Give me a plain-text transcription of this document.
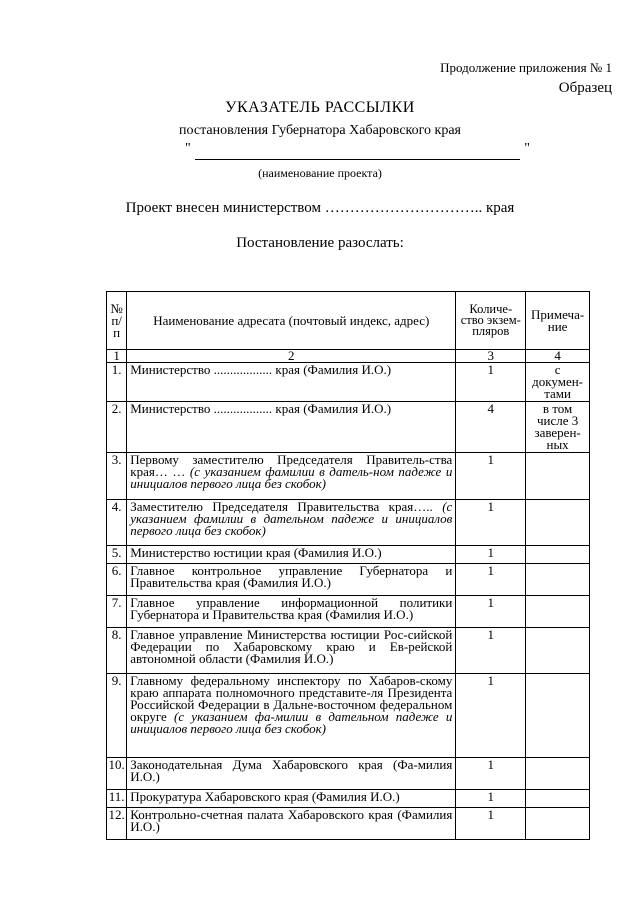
Продолжение приложения № 1
Образец
УКАЗАТЕЛЬ РАССЫЛКИ
постановления Губернатора Хабаровского края
"	"
(наименование проекта)
Проект внесен министерством ………………………….. края
Постановление разослать:
№ п/п	Наименование адресата (почтовый индекс, адрес)	Количе-ство экзем-пляров	Примеча-ние
1	2	3	4
1.	Министерство .................. края (Фамилия И.О.)	1	с докумен-тами
2.	Министерство .................. края (Фамилия И.О.)	4	в том числе 3 заверен-ных
3.	Первому заместителю Председателя Правитель-ства края… … (с указанием фамилии в датель-ном падеже и инициалов первого лица без скобок)	1	
4.	Заместителю Председателя Правительства края….. (с указанием фамилии в дательном падеже и инициалов первого лица без скобок)	1	
5.	Министерство юстиции края (Фамилия И.О.)	1	
6.	Главное контрольное управление Губернатора и Правительства края (Фамилия И.О.)	1	
7.	Главное управление информационной политики Губернатора и Правительства края (Фамилия И.О.)	1	
8.	Главное управление Министерства юстиции Рос-сийской Федерации по Хабаровскому краю и Ев-рейской автономной области (Фамилия И.О.)	1	
9.	Главному федеральному инспектору по Хабаров-скому краю аппарата полномочного представите-ля Президента Российской Федерации в Дальне-восточном федеральном округе (с указанием фа-милии в дательном падеже и инициалов первого лица без скобок)	1	
10.	Законодательная Дума Хабаровского края (Фа-милия И.О.)	1	
11.	Прокуратура Хабаровского края (Фамилия И.О.)	1	
12.	Контрольно-счетная палата Хабаровского края (Фамилия И.О.)	1	
